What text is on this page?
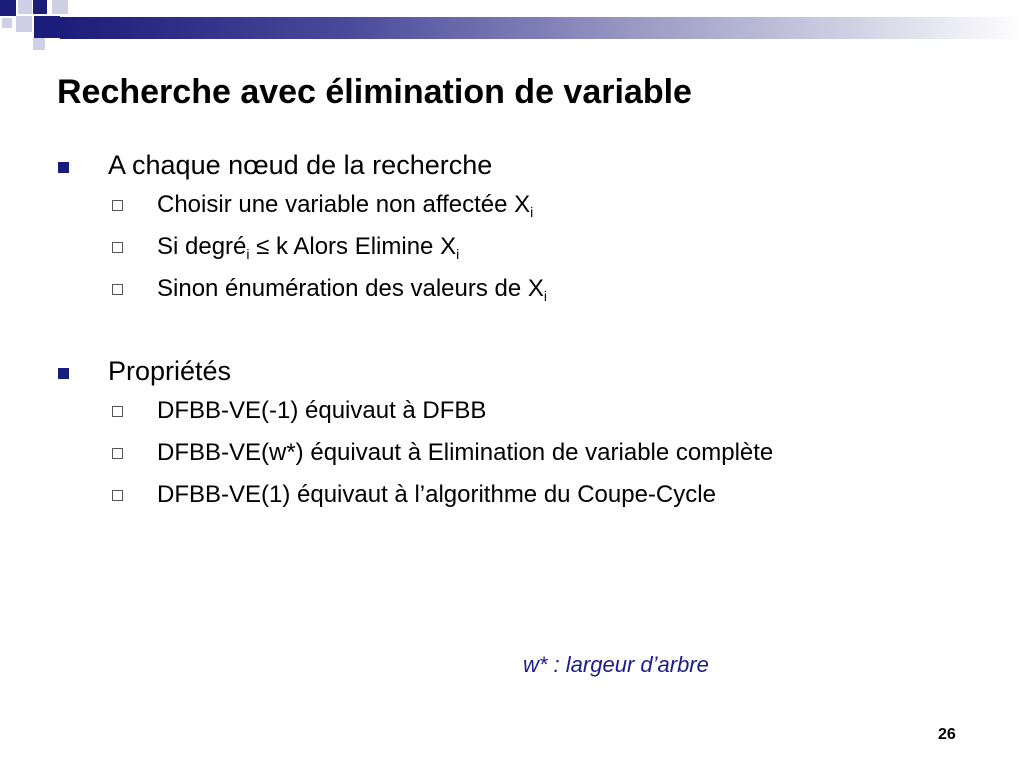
Recherche avec élimination de variable
A chaque nœud de la recherche
Choisir une variable non affectée $X_i$
Si degré$_i$ ≤ k Alors Elimine $X_i$
Sinon énumération des valeurs de $X_i$
Propriétés
DFBB-VE(-1) équivaut à DFBB
DFBB-VE(w*) équivaut à Elimination de variable complète
DFBB-VE(1) équivaut à l’algorithme du Coupe-Cycle
w* : largeur d’arbre
26
